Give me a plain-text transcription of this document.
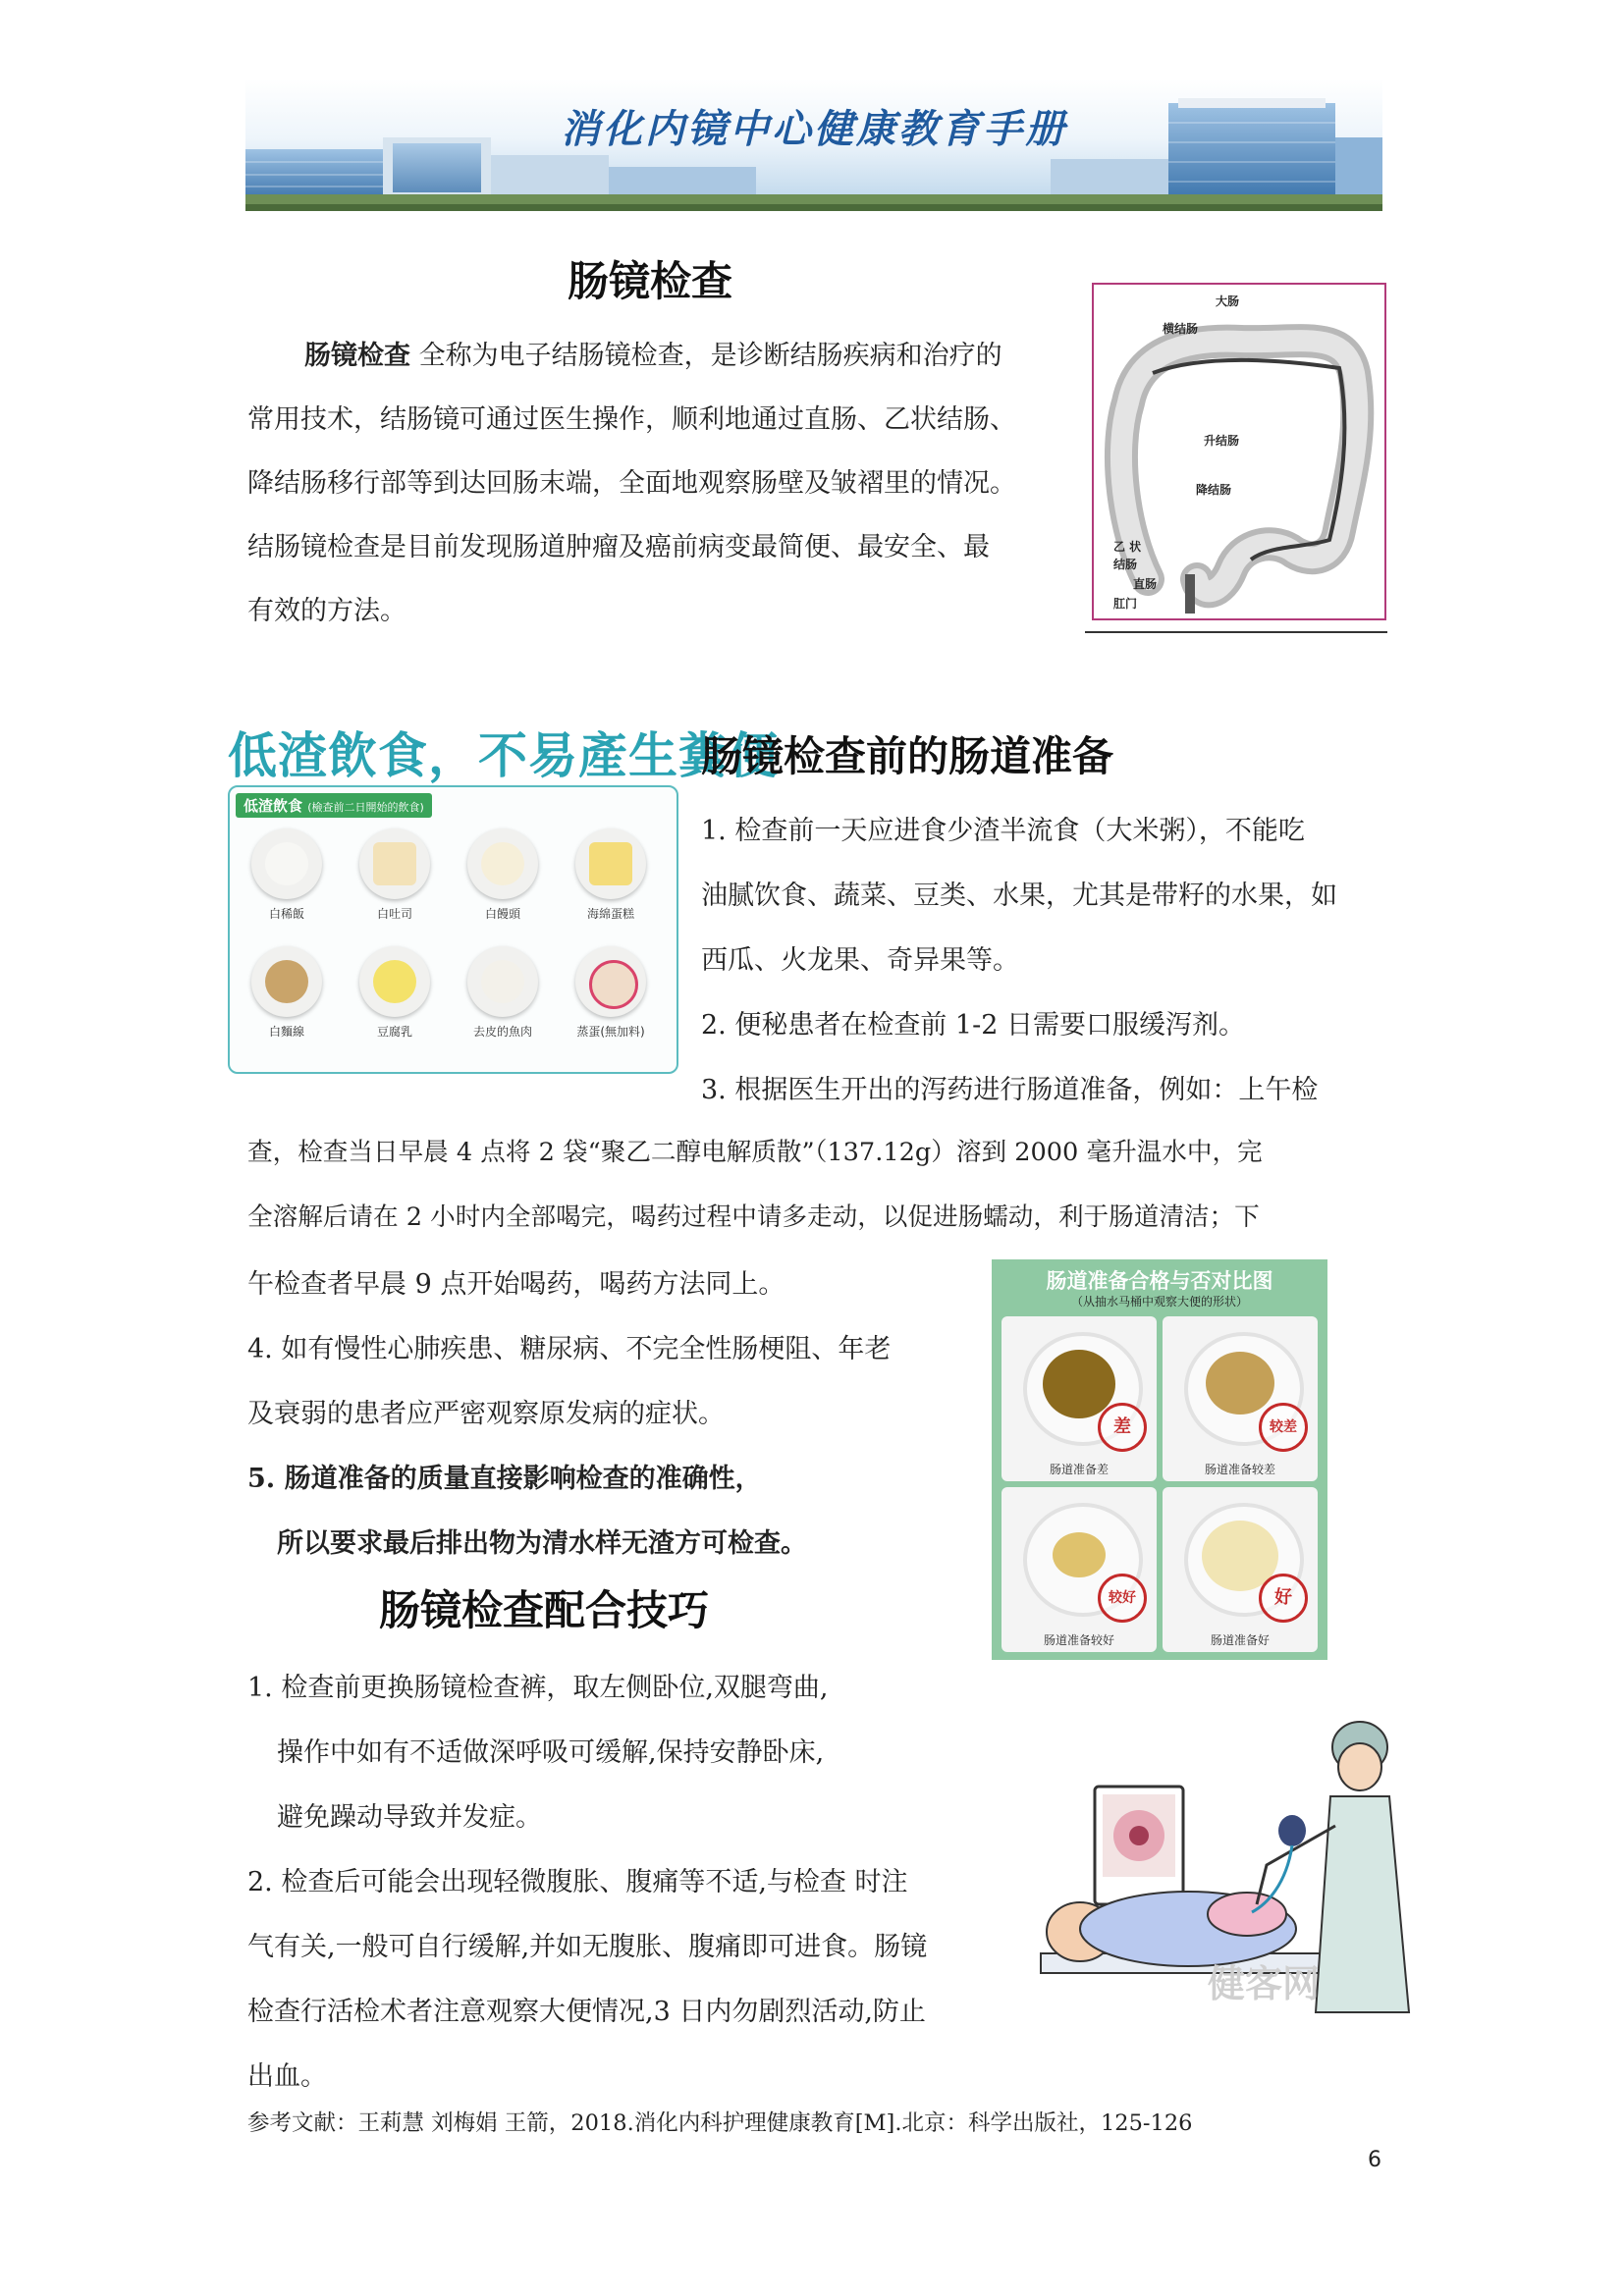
消化内镜中心健康教育手册
肠镜检查
肠镜检查 全称为电子结肠镜检查，是诊断结肠疾病和治疗的
常用技术，结肠镜可通过医生操作，顺利地通过直肠、乙状结肠、
降结肠移行部等到达回肠末端，全面地观察肠壁及皱褶里的情况。
结肠镜检查是目前发现肠道肿瘤及癌前病变最简便、最安全、最
有效的方法。
大肠
横结肠
升结肠
降结肠
乙 状
结肠
直肠
肛门
低渣飲食，不易產生糞便
低渣飲食 (檢查前二日開始的飲食)
白稀飯	白吐司	白饅頭	海綿蛋糕
白麵線	豆腐乳	去皮的魚肉	蒸蛋(無加料)
肠镜检查前的肠道准备
1. 检查前一天应进食少渣半流食（大米粥），不能吃
油腻饮食、蔬菜、豆类、水果，尤其是带籽的水果，如
西瓜、火龙果、奇异果等。
2. 便秘患者在检查前 1-2 日需要口服缓泻剂。
3. 根据医生开出的泻药进行肠道准备，例如：上午检
查，检查当日早晨 4 点将 2 袋“聚乙二醇电解质散”（137.12g）溶到 2000 毫升温水中，完
全溶解后请在 2 小时内全部喝完，喝药过程中请多走动，以促进肠蠕动，利于肠道清洁；下
午检查者早晨 9 点开始喝药，喝药方法同上。
4. 如有慢性心肺疾患、糖尿病、不完全性肠梗阻、年老
及衰弱的患者应严密观察原发病的症状。
5. 肠道准备的质量直接影响检查的准确性，
所以要求最后排出物为清水样无渣方可检查。
肠道准备合格与否对比图
（从抽水马桶中观察大便的形状）
差
肠道准备差
较差
肠道准备较差
较好
肠道准备较好
好
肠道准备好
肠镜检查配合技巧
1. 检查前更换肠镜检查裤，取左侧卧位,双腿弯曲,
操作中如有不适做深呼吸可缓解,保持安静卧床,
避免躁动导致并发症。
2. 检查后可能会出现轻微腹胀、腹痛等不适,与检查 时注
气有关,一般可自行缓解,并如无腹胀、腹痛即可进食。肠镜
检查行活检术者注意观察大便情况,3 日内勿剧烈活动,防止
出血。
健客网
参考文献：王莉慧 刘梅娟 王箭，2018.消化内科护理健康教育[M].北京：科学出版社，125-126
6
